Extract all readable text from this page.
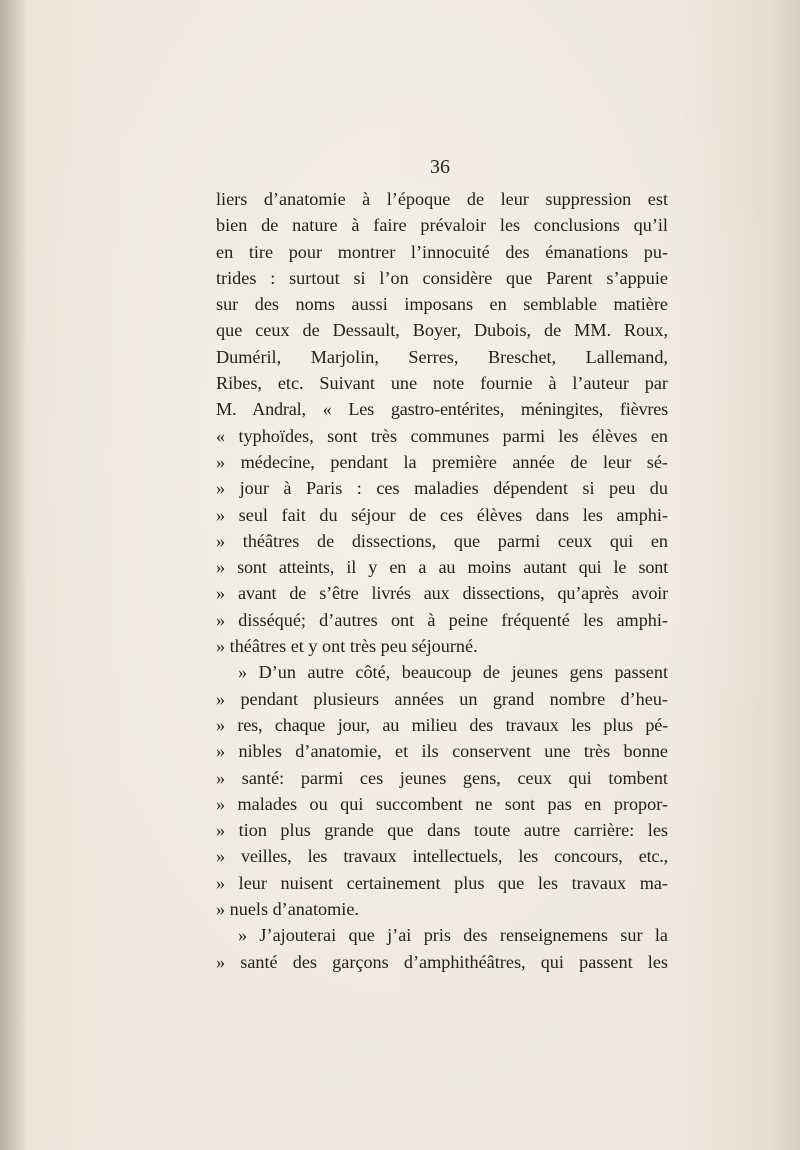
36
liers d’anatomie à l’époque de leur suppression est
bien de nature à faire prévaloir les conclusions qu’il
en tire pour montrer l’innocuité des émanations pu-
trides : surtout si l’on considère que Parent s’appuie
sur des noms aussi imposans en semblable matière
que ceux de Dessault, Boyer, Dubois, de MM. Roux,
Duméril, Marjolin, Serres, Breschet, Lallemand,
Ribes, etc. Suivant une note fournie à l’auteur par
M. Andral, « Les gastro-entérites, méningites, fièvres
« typhoïdes, sont très communes parmi les élèves en
» médecine, pendant la première année de leur sé-
» jour à Paris : ces maladies dépendent si peu du
» seul fait du séjour de ces élèves dans les amphi-
» théâtres de dissections, que parmi ceux qui en
» sont atteints, il y en a au moins autant qui le sont
» avant de s’être livrés aux dissections, qu’après avoir
» disséqué; d’autres ont à peine fréquenté les amphi-
» théâtres et y ont très peu séjourné.
» D’un autre côté, beaucoup de jeunes gens passent
» pendant plusieurs années un grand nombre d’heu-
» res, chaque jour, au milieu des travaux les plus pé-
» nibles d’anatomie, et ils conservent une très bonne
» santé: parmi ces jeunes gens, ceux qui tombent
» malades ou qui succombent ne sont pas en propor-
» tion plus grande que dans toute autre carrière: les
» veilles, les travaux intellectuels, les concours, etc.,
» leur nuisent certainement plus que les travaux ma-
» nuels d’anatomie.
» J’ajouterai que j’ai pris des renseignemens sur la
» santé des garçons d’amphithéâtres, qui passent les
